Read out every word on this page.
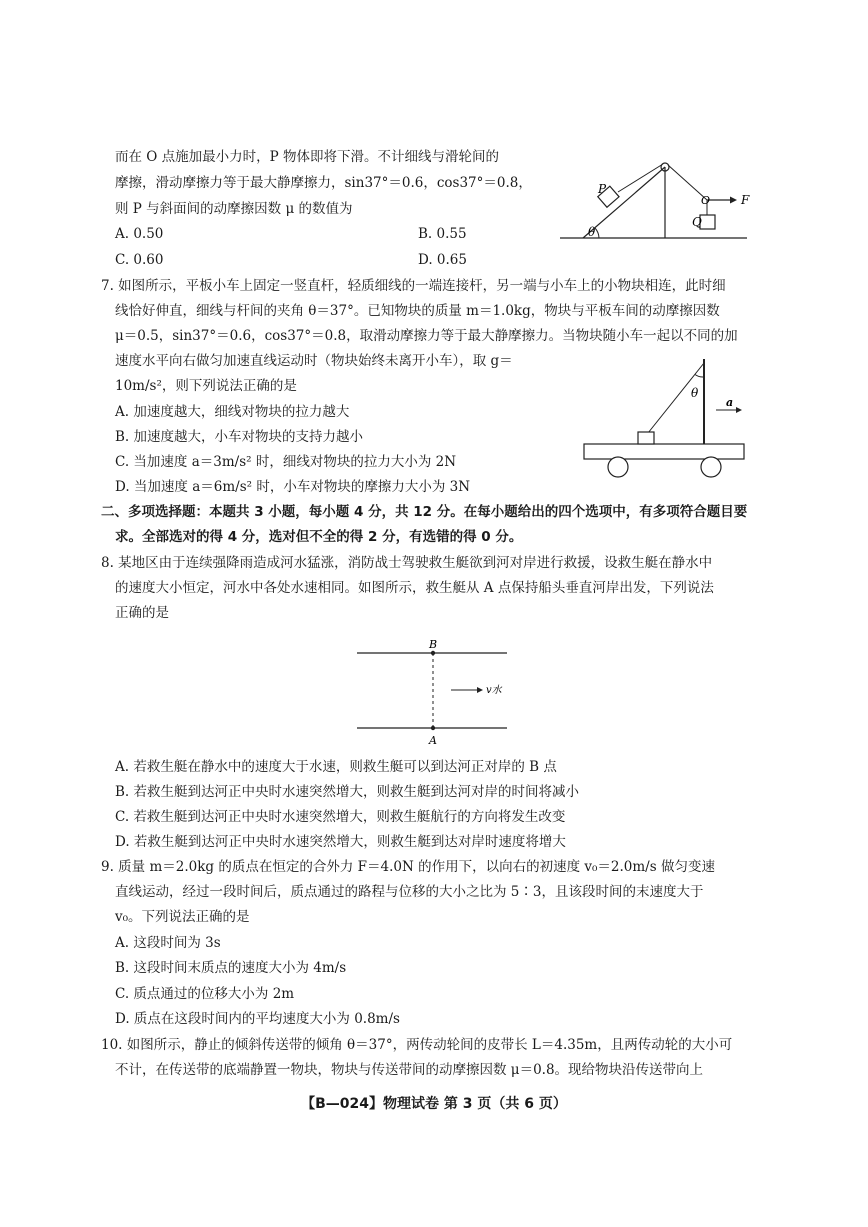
而在 O 点施加最小力时，P 物体即将下滑。不计细线与滑轮间的
摩擦，滑动摩擦力等于最大静摩擦力，sin37°＝0.6，cos37°＝0.8，
则 P 与斜面间的动摩擦因数 μ 的数值为
A. 0.50	B. 0.55
C. 0.60	D. 0.65
θ
P
Q
O	F
7. 如图所示，平板小车上固定一竖直杆，轻质细线的一端连接杆，另一端与小车上的小物块相连，此时细
线恰好伸直，细线与杆间的夹角 θ＝37°。已知物块的质量 m＝1.0kg，物块与平板车间的动摩擦因数
μ＝0.5，sin37°＝0.6，cos37°＝0.8，取滑动摩擦力等于最大静摩擦力。当物块随小车一起以不同的加
速度水平向右做匀加速直线运动时（物块始终未离开小车），取 g＝
10m/s²，则下列说法正确的是
A. 加速度越大，细线对物块的拉力越大
B. 加速度越大，小车对物块的支持力越小
C. 当加速度 a＝3m/s² 时，细线对物块的拉力大小为 2N
D. 当加速度 a＝6m/s² 时，小车对物块的摩擦力大小为 3N
θ
a
二、多项选择题：本题共 3 小题，每小题 4 分，共 12 分。在每小题给出的四个选项中，有多项符合题目要
求。全部选对的得 4 分，选对但不全的得 2 分，有选错的得 0 分。
8. 某地区由于连续强降雨造成河水猛涨，消防战士驾驶救生艇欲到河对岸进行救援，设救生艇在静水中
的速度大小恒定，河水中各处水速相同。如图所示，救生艇从 A 点保持船头垂直河岸出发，下列说法
正确的是
B
A
v水
A. 若救生艇在静水中的速度大于水速，则救生艇可以到达河正对岸的 B 点
B. 若救生艇到达河正中央时水速突然增大，则救生艇到达河对岸的时间将减小
C. 若救生艇到达河正中央时水速突然增大，则救生艇航行的方向将发生改变
D. 若救生艇到达河正中央时水速突然增大，则救生艇到达对岸时速度将增大
9. 质量 m＝2.0kg 的质点在恒定的合外力 F＝4.0N 的作用下，以向右的初速度 v₀＝2.0m/s 做匀变速
直线运动，经过一段时间后，质点通过的路程与位移的大小之比为 5∶3，且该段时间的末速度大于
v₀。下列说法正确的是
A. 这段时间为 3s
B. 这段时间末质点的速度大小为 4m/s
C. 质点通过的位移大小为 2m
D. 质点在这段时间内的平均速度大小为 0.8m/s
10. 如图所示，静止的倾斜传送带的倾角 θ＝37°，两传动轮间的皮带长 L＝4.35m，且两传动轮的大小可
不计，在传送带的底端静置一物块，物块与传送带间的动摩擦因数 μ＝0.8。现给物块沿传送带向上
【B—024】物理试卷 第 3 页（共 6 页）
